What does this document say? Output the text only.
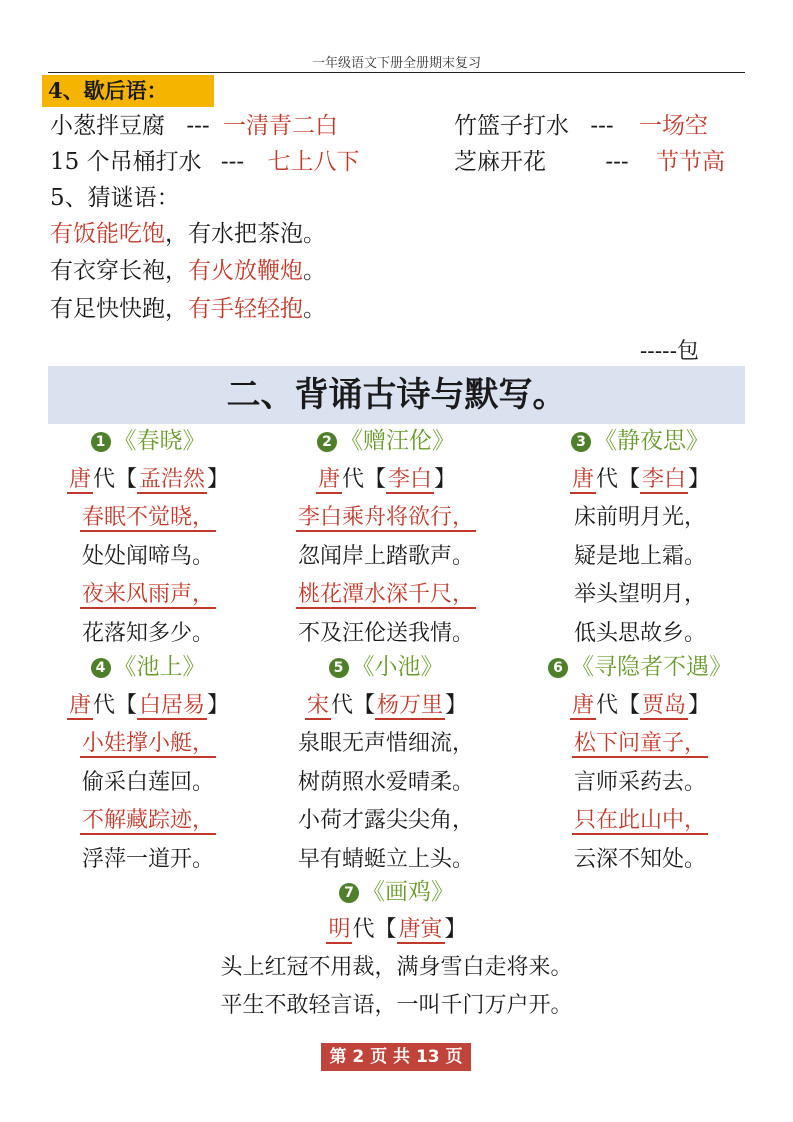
一年级语文下册全册期末复习
4、歇后语：
小葱拌豆腐 --- 一清青二白	竹篮子打水 --- 一场空
15 个吊桶打水 --- 七上八下	芝麻开花	--- 节节高
5、猜谜语：
有饭能吃饱，有水把茶泡。
有衣穿长袍，有火放鞭炮。
有足快快跑，有手轻轻抱。
-----包
二、背诵古诗与默写。
1 《春晓》
唐代【孟浩然】
春眠不觉晓，
处处闻啼鸟。
夜来风雨声，
花落知多少。
2 《赠汪伦》
唐代【李白】
李白乘舟将欲行，
忽闻岸上踏歌声。
桃花潭水深千尺，
不及汪伦送我情。
3 《静夜思》
唐代【李白】
床前明月光，
疑是地上霜。
举头望明月，
低头思故乡。
4 《池上》
唐代【白居易】
小娃撑小艇，
偷采白莲回。
不解藏踪迹，
浮萍一道开。
5 《小池》
宋代【杨万里】
泉眼无声惜细流，
树荫照水爱晴柔。
小荷才露尖尖角，
早有蜻蜓立上头。
6 《寻隐者不遇》
唐代【贾岛】
松下问童子，
言师采药去。
只在此山中，
云深不知处。
7 《画鸡》
明代【唐寅】
头上红冠不用裁，满身雪白走将来。
平生不敢轻言语，一叫千门万户开。
第 2 页 共 13 页
